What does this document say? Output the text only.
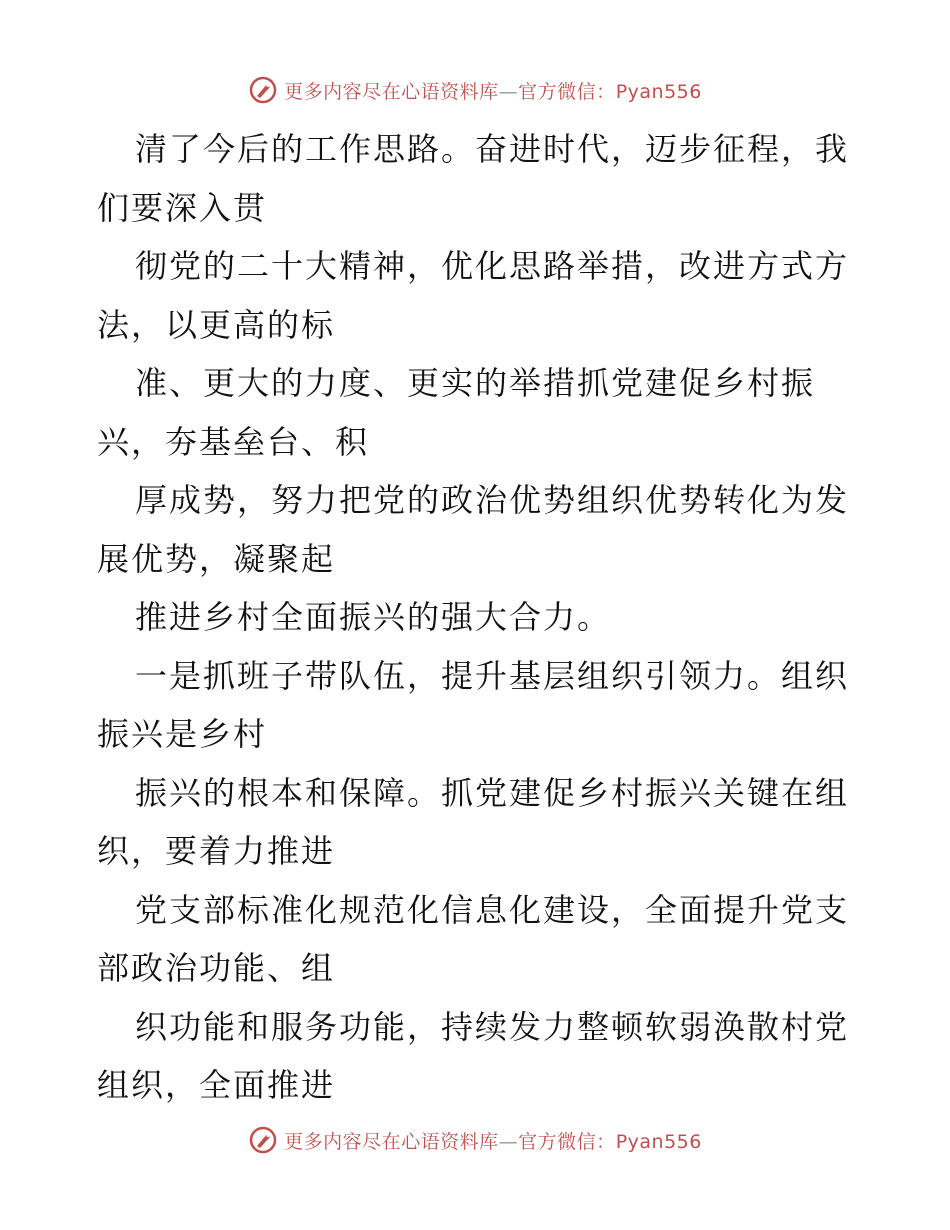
更多内容尽在心语资料库—官方微信：Pyan556
清了今后的工作思路。奋进时代，迈步征程，我
们要深入贯
彻党的二十大精神，优化思路举措，改进方式方
法，以更高的标
准、更大的力度、更实的举措抓党建促乡村振
兴，夯基垒台、积
厚成势，努力把党的政治优势组织优势转化为发
展优势，凝聚起
推进乡村全面振兴的强大合力。
一是抓班子带队伍，提升基层组织引领力。组织
振兴是乡村
振兴的根本和保障。抓党建促乡村振兴关键在组
织，要着力推进
党支部标准化规范化信息化建设，全面提升党支
部政治功能、组
织功能和服务功能，持续发力整顿软弱涣散村党
组织，全面推进
更多内容尽在心语资料库—官方微信：Pyan556
